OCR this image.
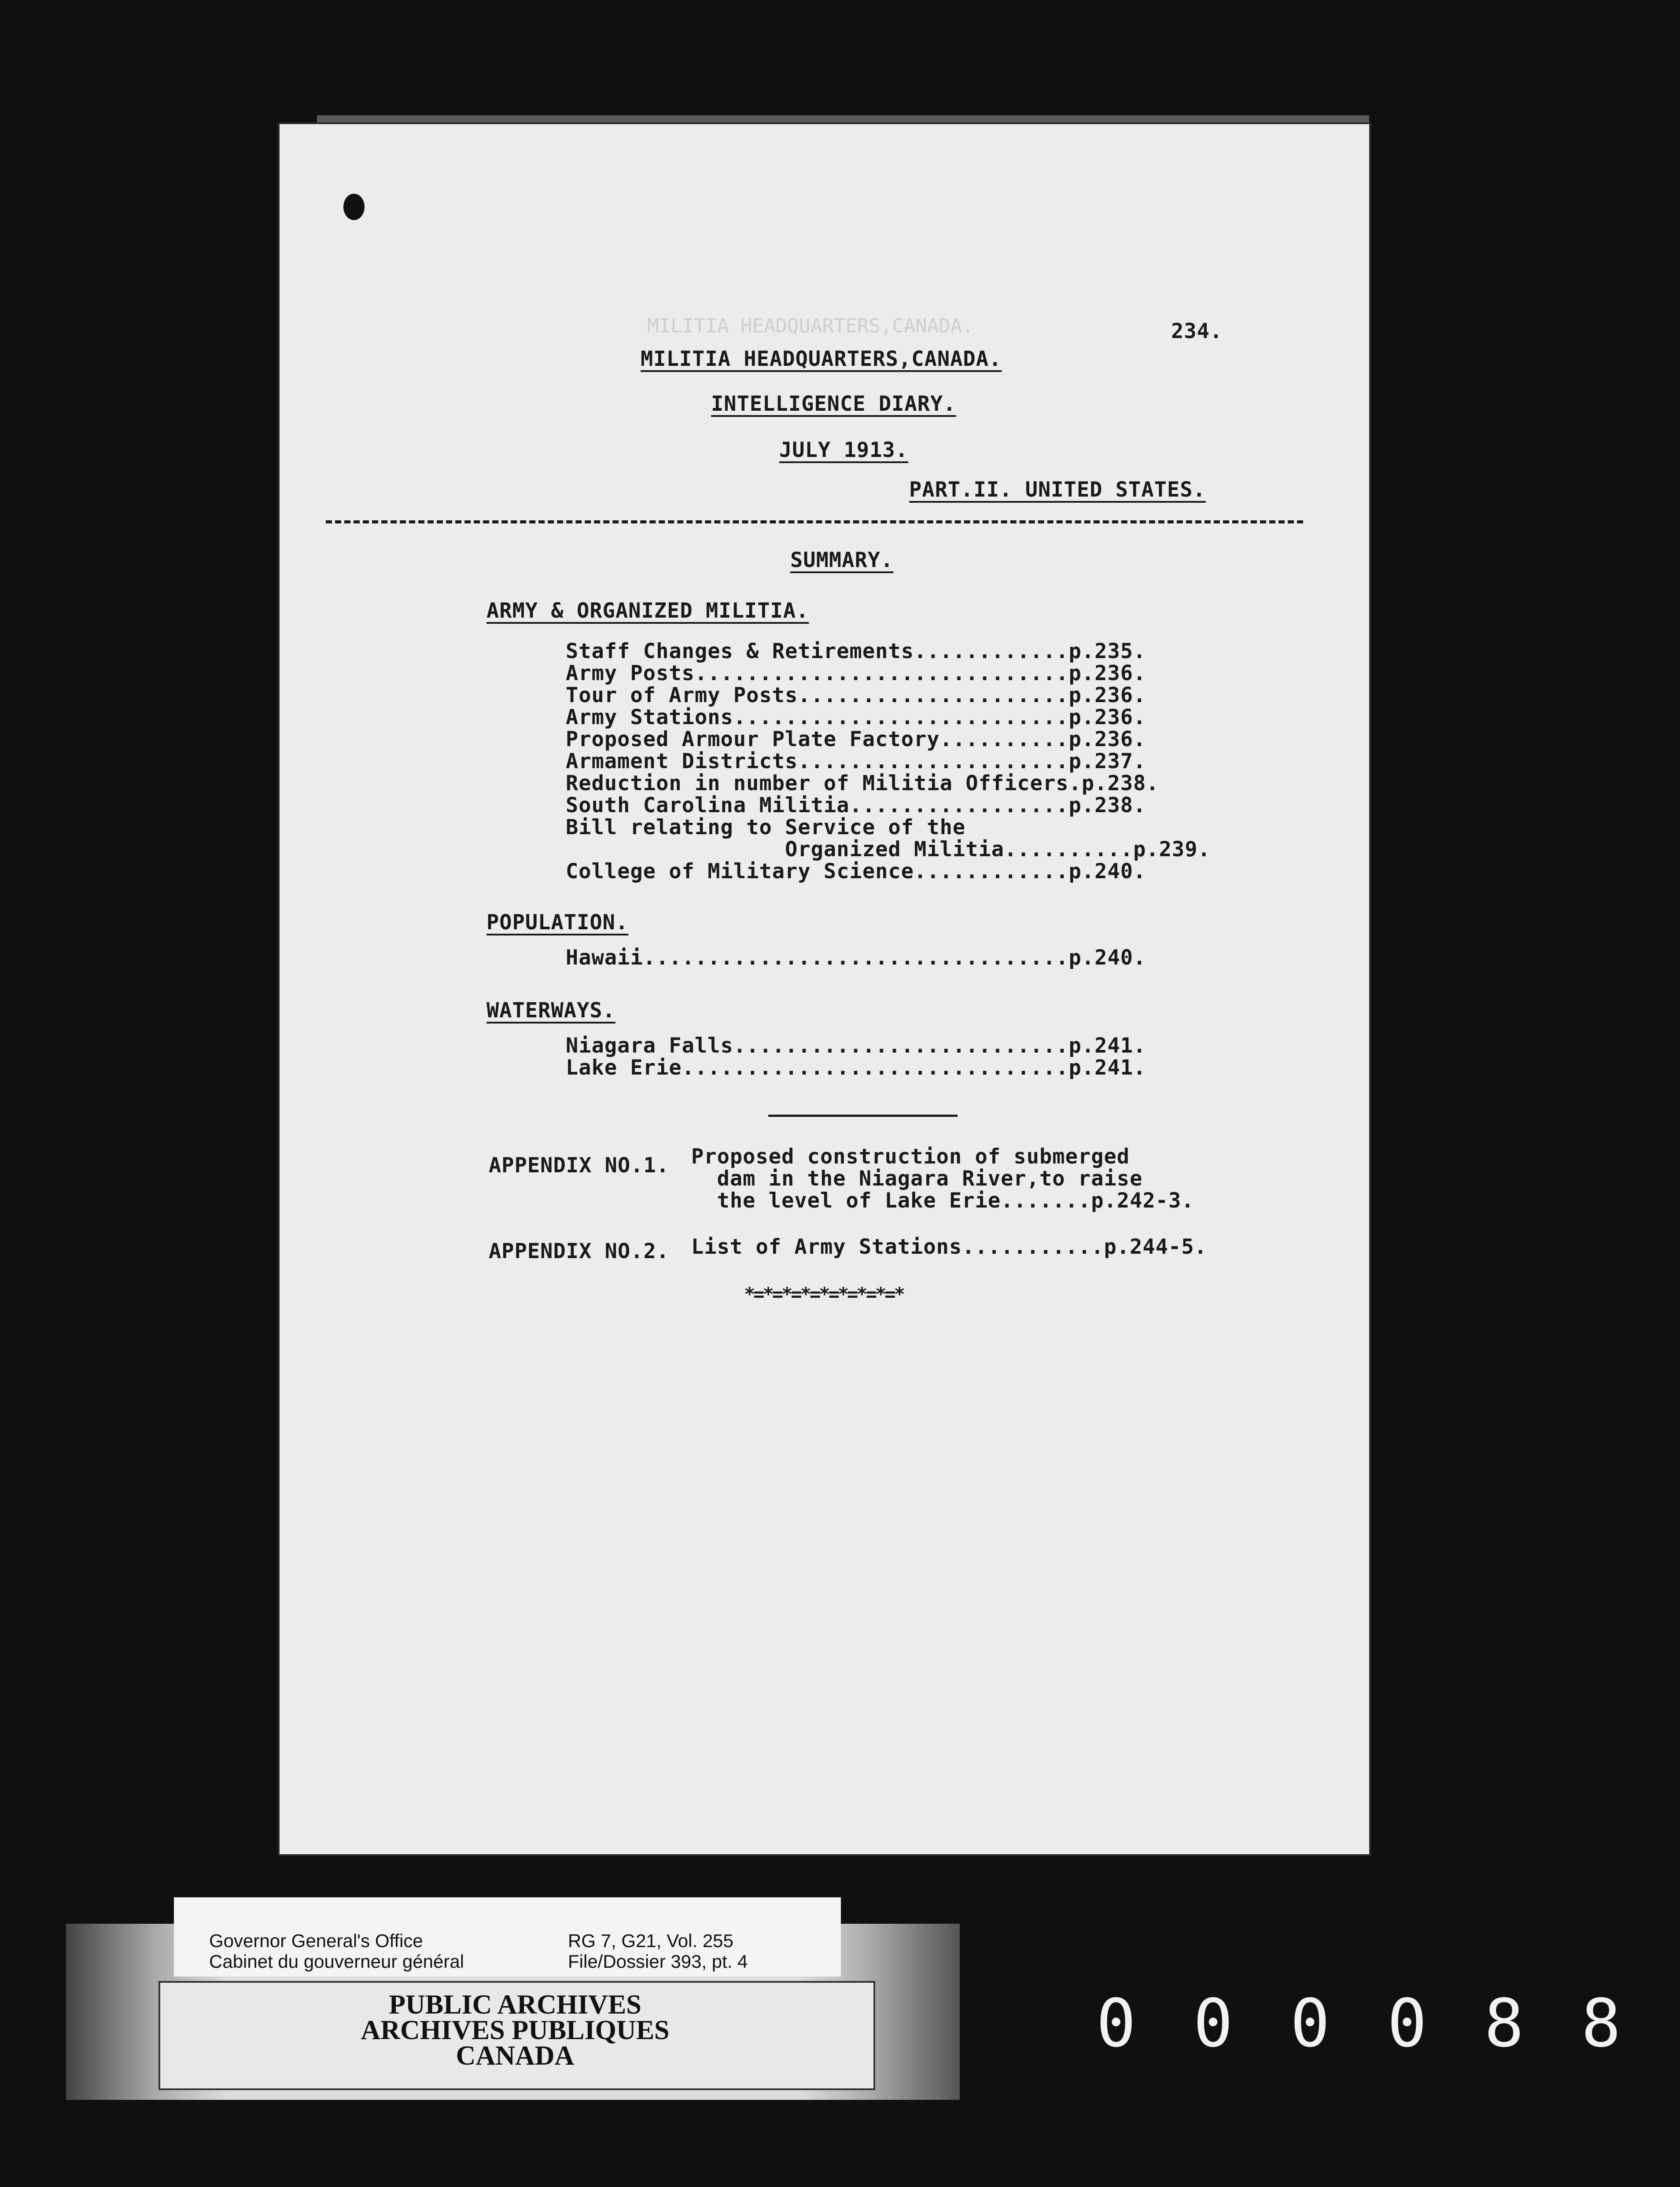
MILITIA HEADQUARTERS,CANADA.	234.
MILITIA HEADQUARTERS,CANADA.
INTELLIGENCE DIARY.
JULY 1913.
PART.II. UNITED STATES.
SUMMARY.
ARMY & ORGANIZED MILITIA.
Staff Changes & Retirements............p.235.
Army Posts.............................p.236.
Tour of Army Posts.....................p.236.
Army Stations..........................p.236.
Proposed Armour Plate Factory..........p.236.
Armament Districts.....................p.237.
Reduction in number of Militia Officers.p.238.
South Carolina Militia.................p.238.
Bill relating to Service of the
Organized Militia..........p.239.
College of Military Science............p.240.
POPULATION.
Hawaii.................................p.240.
WATERWAYS.
Niagara Falls..........................p.241.
Lake Erie..............................p.241.
APPENDIX NO.1. Proposed construction of submerged
dam in the Niagara River,to raise
the level of Lake Erie.......p.242-3.
APPENDIX NO.2. List of Army Stations...........p.244-5.
*=*=*=*=*=*=*=*=*
Governor General's Office
Cabinet du gouverneur général
RG 7, G21, Vol. 255
File/Dossier 393, pt. 4
PUBLIC ARCHIVES
ARCHIVES PUBLIQUES
CANADA	000088
